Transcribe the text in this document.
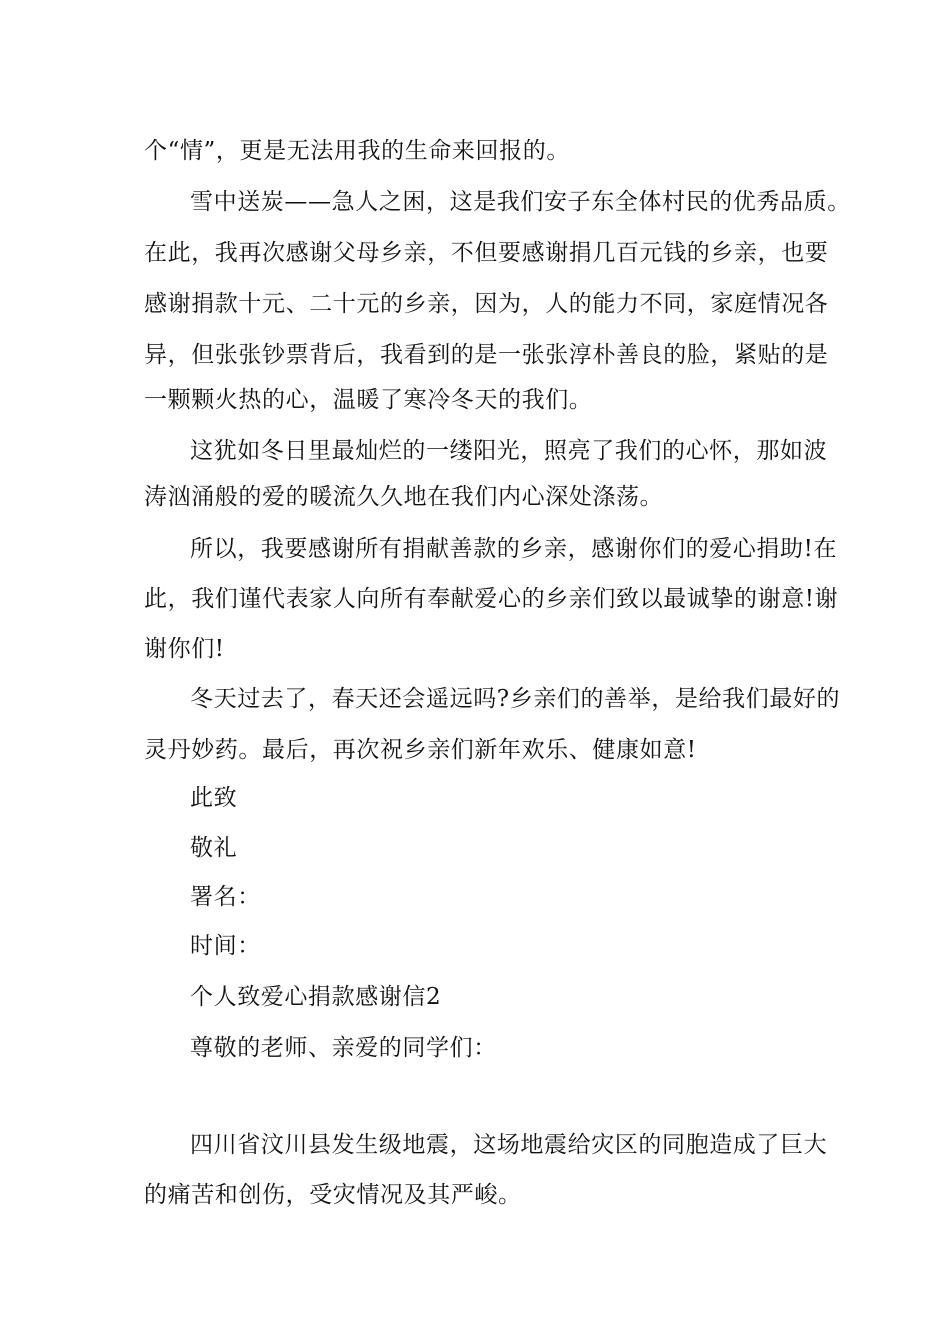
个“情”，更是无法用我的生命来回报的。
雪中送炭——急人之困，这是我们安子东全体村民的优秀品质。
在此，我再次感谢父母乡亲，不但要感谢捐几百元钱的乡亲，也要
感谢捐款十元、二十元的乡亲，因为，人的能力不同，家庭情况各
异，但张张钞票背后，我看到的是一张张淳朴善良的脸，紧贴的是
一颗颗火热的心，温暖了寒冷冬天的我们。
这犹如冬日里最灿烂的一缕阳光，照亮了我们的心怀，那如波
涛汹涌般的爱的暖流久久地在我们内心深处涤荡。
所以，我要感谢所有捐献善款的乡亲，感谢你们的爱心捐助!在
此，我们谨代表家人向所有奉献爱心的乡亲们致以最诚挚的谢意!谢
谢你们!
冬天过去了，春天还会遥远吗?乡亲们的善举，是给我们最好的
灵丹妙药。最后，再次祝乡亲们新年欢乐、健康如意!
此致
敬礼
署名：
时间：
个人致爱心捐款感谢信2
尊敬的老师、亲爱的同学们：
四川省汶川县发生级地震，这场地震给灾区的同胞造成了巨大
的痛苦和创伤，受灾情况及其严峻。
